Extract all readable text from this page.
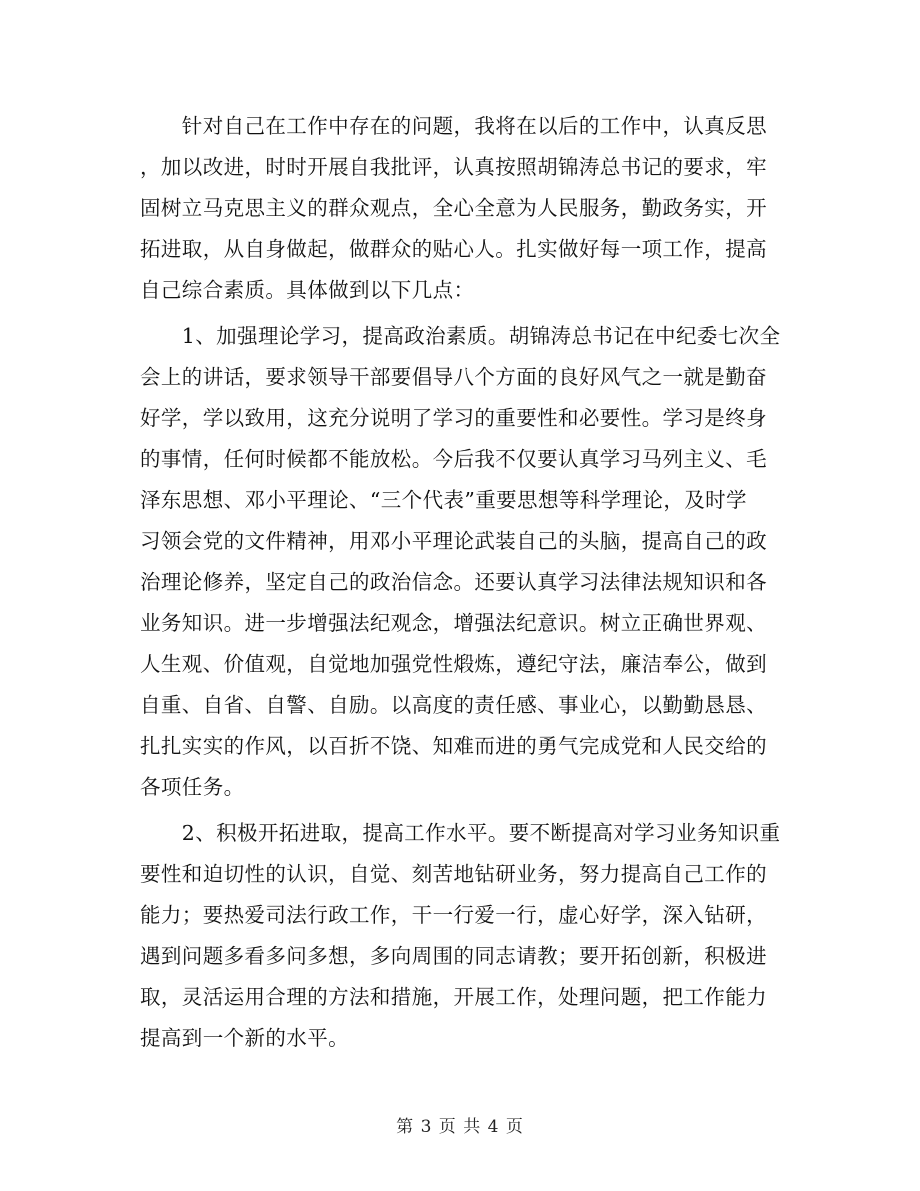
　　针对自己在工作中存在的问题，我将在以后的工作中，认真反思
，加以改进，时时开展自我批评，认真按照胡锦涛总书记的要求，牢
固树立马克思主义的群众观点，全心全意为人民服务，勤政务实，开
拓进取，从自身做起，做群众的贴心人。扎实做好每一项工作，提高
自己综合素质。具体做到以下几点：
　　1、加强理论学习，提高政治素质。胡锦涛总书记在中纪委七次全
会上的讲话，要求领导干部要倡导八个方面的良好风气之一就是勤奋
好学，学以致用，这充分说明了学习的重要性和必要性。学习是终身
的事情，任何时候都不能放松。今后我不仅要认真学习马列主义、毛
泽东思想、邓小平理论、“三个代表”重要思想等科学理论，及时学
习领会党的文件精神，用邓小平理论武装自己的头脑，提高自己的政
治理论修养，坚定自己的政治信念。还要认真学习法律法规知识和各
业务知识。进一步增强法纪观念，增强法纪意识。树立正确世界观、
人生观、价值观，自觉地加强党性煅炼，遵纪守法，廉洁奉公，做到
自重、自省、自警、自励。以高度的责任感、事业心，以勤勤恳恳、
扎扎实实的作风，以百折不饶、知难而进的勇气完成党和人民交给的
各项任务。
　　2、积极开拓进取，提高工作水平。要不断提高对学习业务知识重
要性和迫切性的认识，自觉、刻苦地钻研业务，努力提高自己工作的
能力；要热爱司法行政工作，干一行爱一行，虚心好学，深入钻研，
遇到问题多看多问多想，多向周围的同志请教；要开拓创新，积极进
取，灵活运用合理的方法和措施，开展工作，处理问题，把工作能力
提高到一个新的水平。
第 3 页 共 4 页
